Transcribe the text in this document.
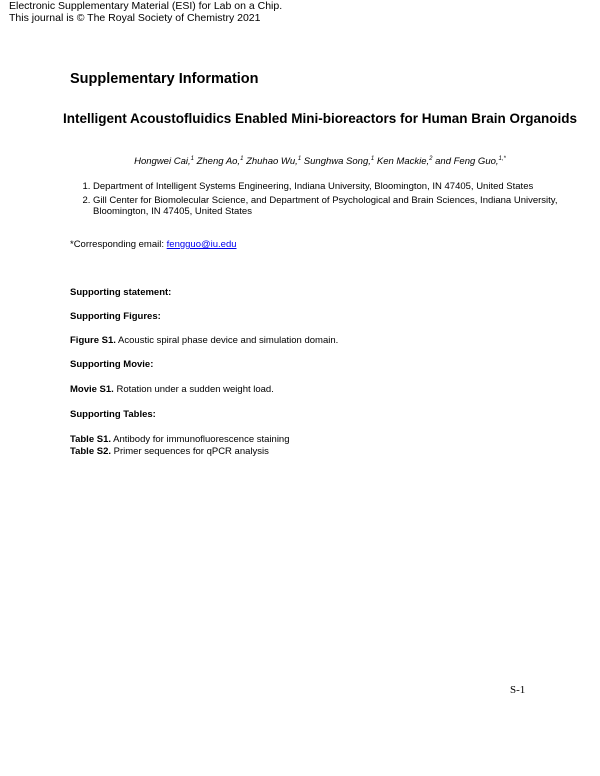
Electronic Supplementary Material (ESI) for Lab on a Chip.
This journal is © The Royal Society of Chemistry 2021
Supplementary Information
Intelligent Acoustofluidics Enabled Mini-bioreactors for Human Brain Organoids
Hongwei Cai,$^1$ Zheng Ao,$^1$ Zhuhao Wu,$^1$ Sunghwa Song,$^1$ Ken Mackie,$^2$ and Feng Guo,$^{1,*}$
1. Department of Intelligent Systems Engineering, Indiana University, Bloomington, IN 47405, United States
2. Gill Center for Biomolecular Science, and Department of Psychological and Brain Sciences, Indiana University, Bloomington, IN 47405, United States
*Corresponding email: fengguo@iu.edu
Supporting statement:
Supporting Figures:
Figure S1. Acoustic spiral phase device and simulation domain.
Supporting Movie:
Movie S1. Rotation under a sudden weight load.
Supporting Tables:
Table S1. Antibody for immunofluorescence staining
Table S2. Primer sequences for qPCR analysis
S-1
